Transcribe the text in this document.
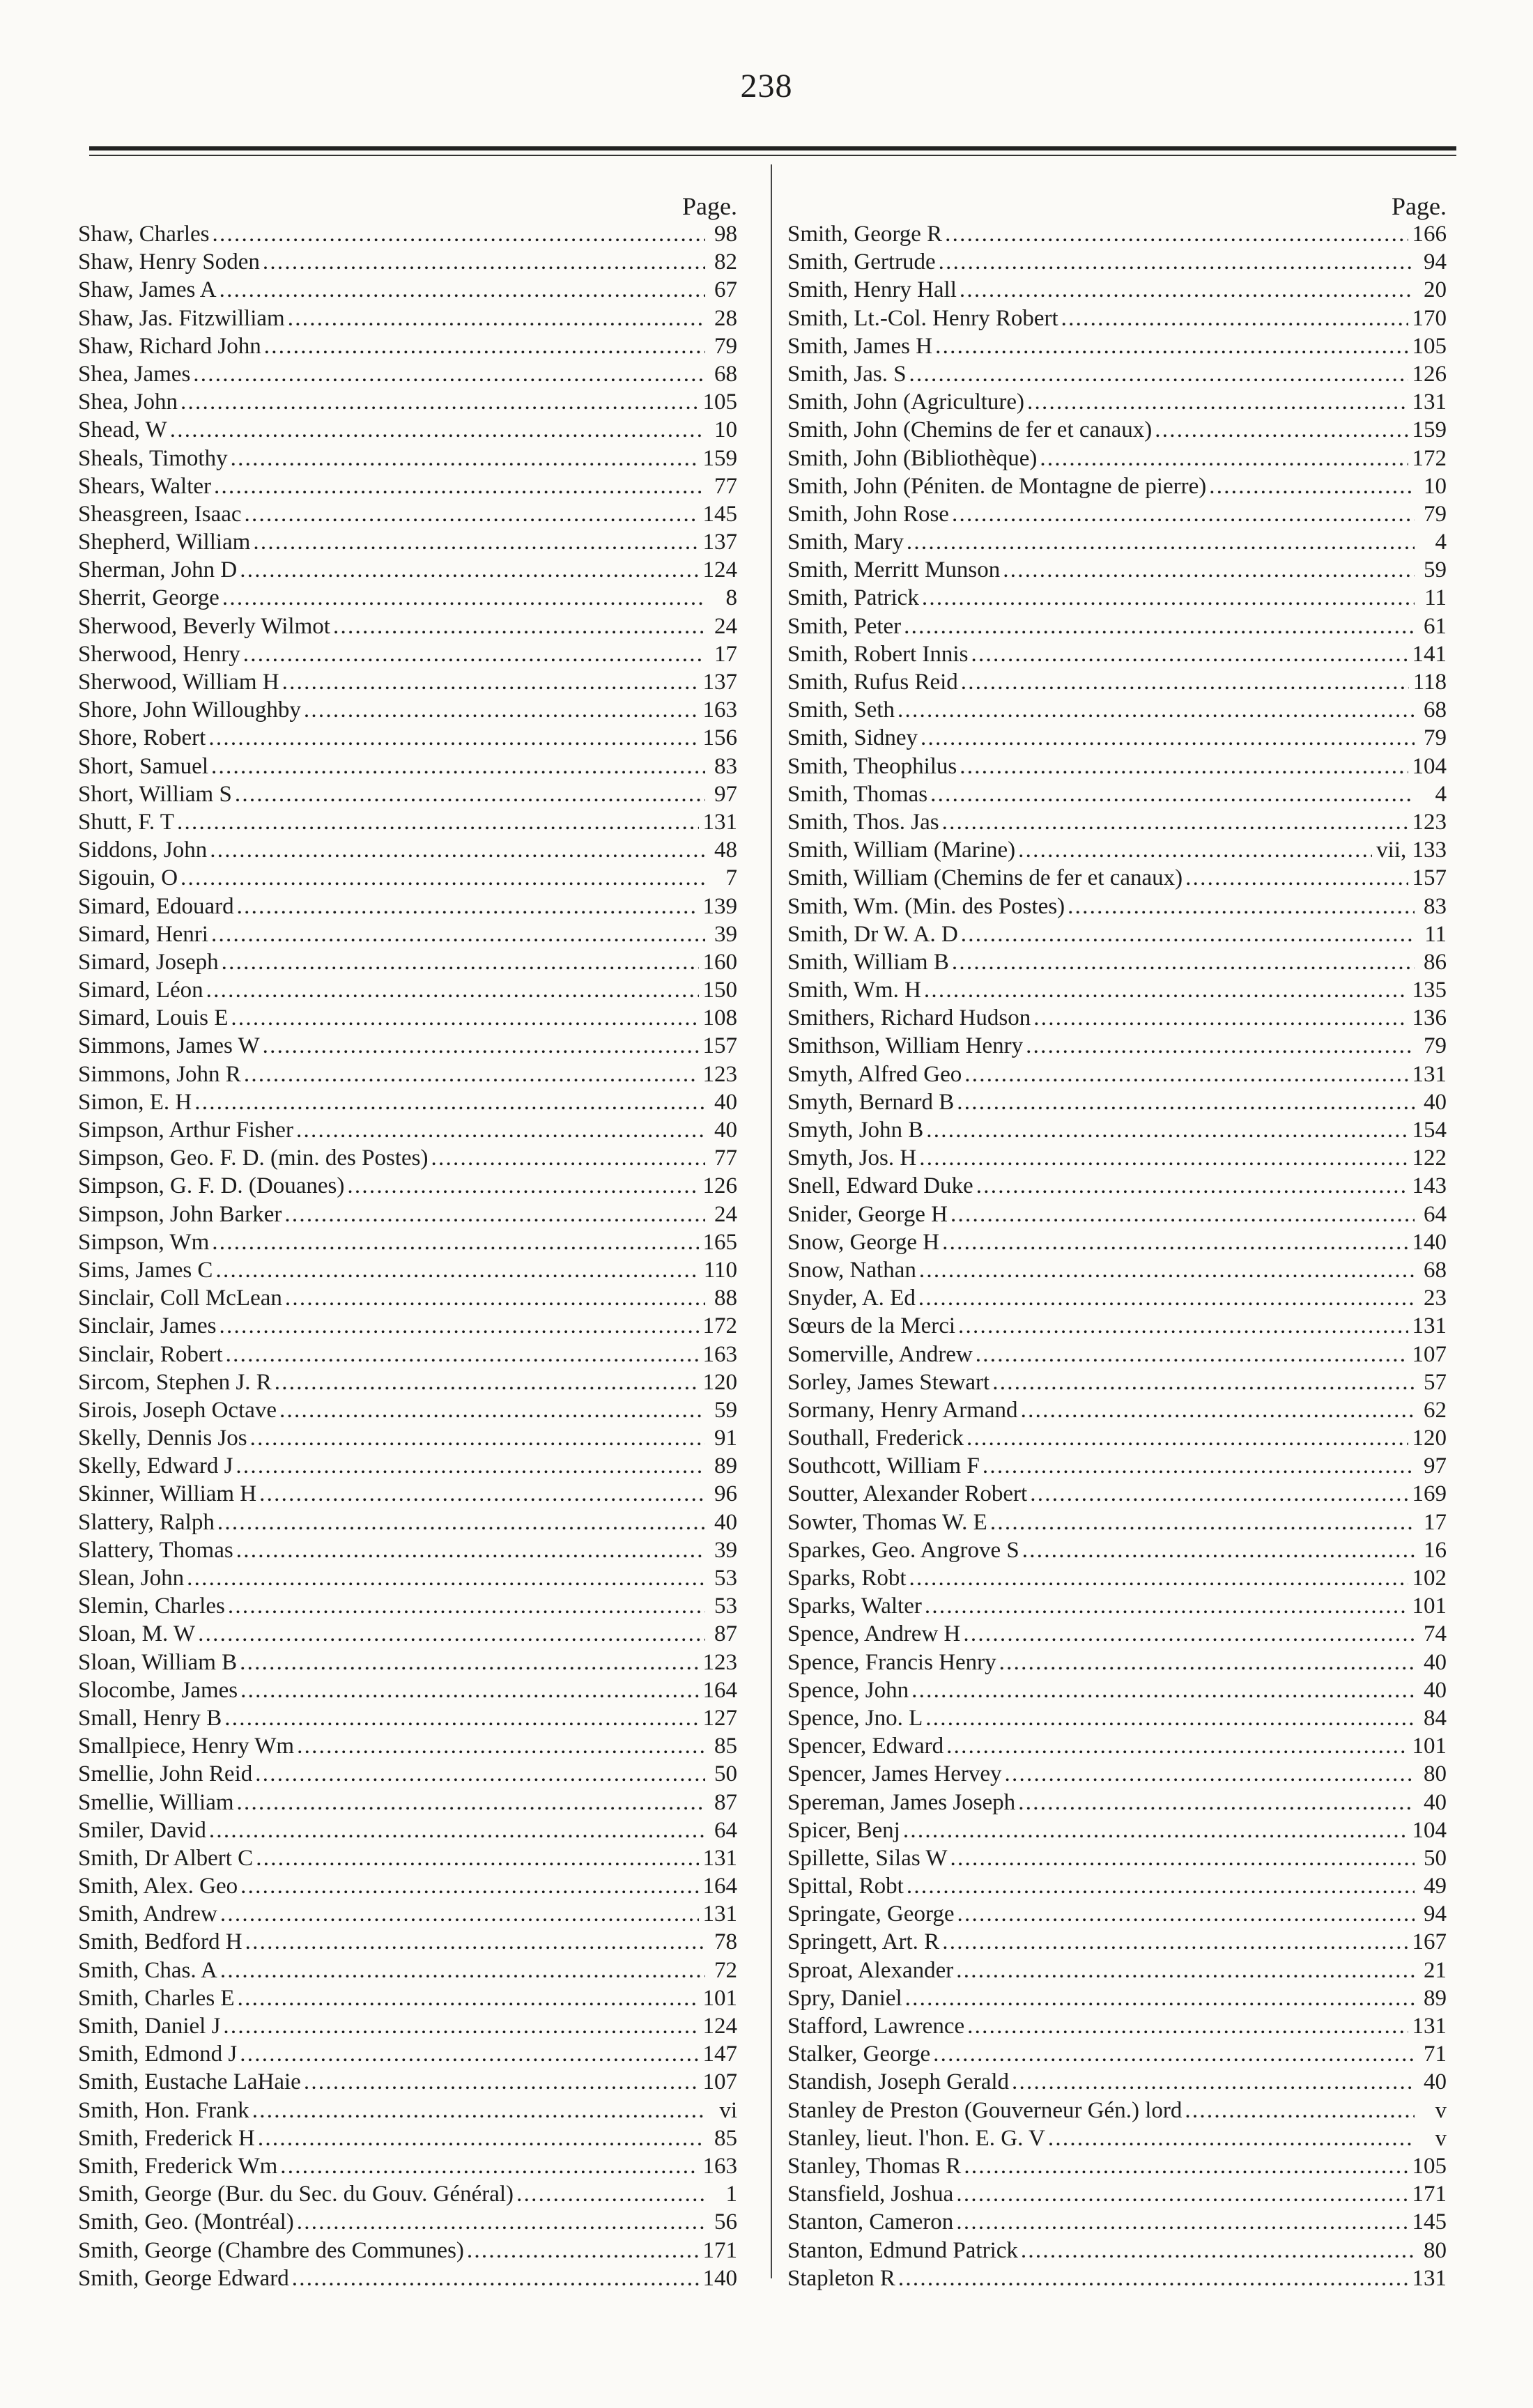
238
Page.
Shaw, Charles . . .	98
Shaw, Henry Soden . . .	82
Shaw, James A . . .	67
Shaw, Jas. Fitzwilliam . . .	28
Shaw, Richard John . . .	79
Shea, James . . .	68
Shea, John . . .	105
Shead, W . . .	10
Sheals, Timothy . . .	159
Shears, Walter . . .	77
Sheasgreen, Isaac . . .	145
Shepherd, William . . .	137
Sherman, John D . . .	124
Sherrit, George . . .	8
Sherwood, Beverly Wilmot . . .	24
Sherwood, Henry . . .	17
Sherwood, William H . . .	137
Shore, John Willoughby . . .	163
Shore, Robert . . .	156
Short, Samuel . . .	83
Short, William S . . .	97
Shutt, F. T . . .	131
Siddons, John . . .	48
Sigouin, O . . .	7
Simard, Edouard . . .	139
Simard, Henri . . .	39
Simard, Joseph . . .	160
Simard, Léon . . .	150
Simard, Louis E . . .	108
Simmons, James W . . .	157
Simmons, John R . . .	123
Simon, E. H . . .	40
Simpson, Arthur Fisher . . .	40
Simpson, Geo. F. D. (min. des Postes) . . .	77
Simpson, G. F. D. (Douanes) . . .	126
Simpson, John Barker . . .	24
Simpson, Wm . . .	165
Sims, James C . . .	110
Sinclair, Coll McLean . . .	88
Sinclair, James . . .	172
Sinclair, Robert . . .	163
Sircom, Stephen J. R . . .	120
Sirois, Joseph Octave . . .	59
Skelly, Dennis Jos . . .	91
Skelly, Edward J . . .	89
Skinner, William H . . .	96
Slattery, Ralph . . .	40
Slattery, Thomas . . .	39
Slean, John . . .	53
Slemin, Charles . . .	53
Sloan, M. W . . .	87
Sloan, William B . . .	123
Slocombe, James . . .	164
Small, Henry B . . .	127
Smallpiece, Henry Wm . . .	85
Smellie, John Reid . . .	50
Smellie, William . . .	87
Smiler, David . . .	64
Smith, Dr Albert C . . .	131
Smith, Alex. Geo . . .	164
Smith, Andrew . . .	131
Smith, Bedford H . . .	78
Smith, Chas. A . . .	72
Smith, Charles E . . .	101
Smith, Daniel J . . .	124
Smith, Edmond J . . .	147
Smith, Eustache LaHaie . . .	107
Smith, Hon. Frank . . .	vi
Smith, Frederick H . . .	85
Smith, Frederick Wm . . .	163
Smith, George (Bur. du Sec. du Gouv. Général) . . .	1
Smith, Geo. (Montréal) . . .	56
Smith, George (Chambre des Communes) . . .	171
Smith, George Edward . . .	140
Page.
Smith, George R . . .	166
Smith, Gertrude . . .	94
Smith, Henry Hall . . .	20
Smith, Lt.-Col. Henry Robert . . .	170
Smith, James H . . .	105
Smith, Jas. S . . .	126
Smith, John (Agriculture) . . .	131
Smith, John (Chemins de fer et canaux) . . .	159
Smith, John (Bibliothèque) . . .	172
Smith, John (Péniten. de Montagne de pierre) . . .	10
Smith, John Rose . . .	79
Smith, Mary . . .	4
Smith, Merritt Munson . . .	59
Smith, Patrick . . .	11
Smith, Peter . . .	61
Smith, Robert Innis . . .	141
Smith, Rufus Reid . . .	118
Smith, Seth . . .	68
Smith, Sidney . . .	79
Smith, Theophilus . . .	104
Smith, Thomas . . .	4
Smith, Thos. Jas . . .	123
Smith, William (Marine) . . .	vii, 133
Smith, William (Chemins de fer et canaux) . . .	157
Smith, Wm. (Min. des Postes) . . .	83
Smith, Dr W. A. D . . .	11
Smith, William B . . .	86
Smith, Wm. H . . .	135
Smithers, Richard Hudson . . .	136
Smithson, William Henry . . .	79
Smyth, Alfred Geo . . .	131
Smyth, Bernard B . . .	40
Smyth, John B . . .	154
Smyth, Jos. H . . .	122
Snell, Edward Duke . . .	143
Snider, George H . . .	64
Snow, George H . . .	140
Snow, Nathan . . .	68
Snyder, A. Ed . . .	23
Sœurs de la Merci . . .	131
Somerville, Andrew . . .	107
Sorley, James Stewart . . .	57
Sormany, Henry Armand . . .	62
Southall, Frederick . . .	120
Southcott, William F . . .	97
Soutter, Alexander Robert . . .	169
Sowter, Thomas W. E . . .	17
Sparkes, Geo. Angrove S . . .	16
Sparks, Robt . . .	102
Sparks, Walter . . .	101
Spence, Andrew H . . .	74
Spence, Francis Henry . . .	40
Spence, John . . .	40
Spence, Jno. L . . .	84
Spencer, Edward . . .	101
Spencer, James Hervey . . .	80
Spereman, James Joseph . . .	40
Spicer, Benj . . .	104
Spillette, Silas W . . .	50
Spittal, Robt . . .	49
Springate, George . . .	94
Springett, Art. R . . .	167
Sproat, Alexander . . .	21
Spry, Daniel . . .	89
Stafford, Lawrence . . .	131
Stalker, George . . .	71
Standish, Joseph Gerald . . .	40
Stanley de Preston (Gouverneur Gén.) lord . . .	v
Stanley, lieut. l'hon. E. G. V . . .	v
Stanley, Thomas R . . .	105
Stansfield, Joshua . . .	171
Stanton, Cameron . . .	145
Stanton, Edmund Patrick . . .	80
Stapleton R . . .	131
